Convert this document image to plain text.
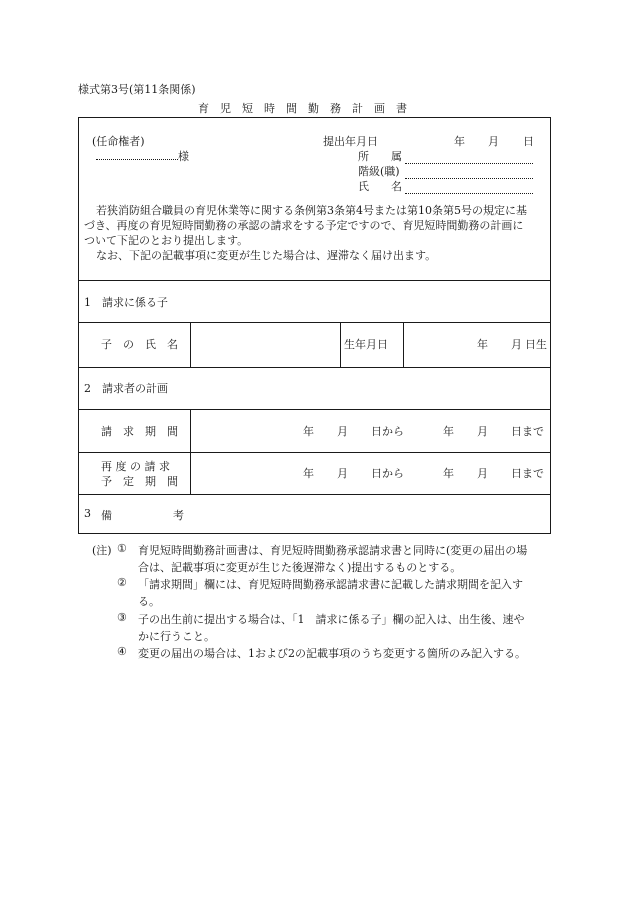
様式第3号(第11条関係)
育　児　短　時　間　勤　務　計　画　書
(任命権者)
様
提出年月日	年 月 日
所　　属
階級(職)
氏　　名
若狭消防組合職員の育児休業等に関する条例第3条第4号または第10条第5号の規定に基
づき、再度の育児短時間勤務の承認の請求をする予定ですので、育児短時間勤務の計画に
ついて下記のとおり提出します。
なお、下記の記載事項に変更が生じた場合は、遅滞なく届け出ます。
1　請求に係る子
子　の　氏　名	生年月日	年 月 日生
2　請求者の計画
請　求　期　間	年 月 日から	年 月 日まで
再 度 の 請 求
予　定　期　間
年 月 日から	年 月 日まで
3 備	考
(注) ① 育児短時間勤務計画書は、育児短時間勤務承認請求書と同時に(変更の届出の場
合は、記載事項に変更が生じた後遅滞なく)提出するものとする。
② 「請求期間」欄には、育児短時間勤務承認請求書に記載した請求期間を記入す
る。
③ 子の出生前に提出する場合は、「1　請求に係る子」欄の記入は、出生後、速や
かに行うこと。
④ 変更の届出の場合は、1および2の記載事項のうち変更する箇所のみ記入する。
